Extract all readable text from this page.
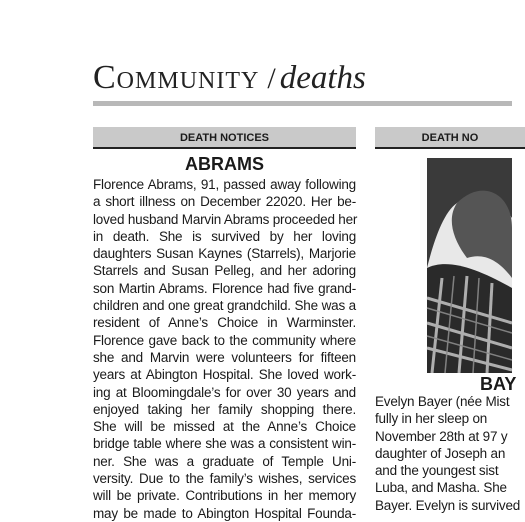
Community / deaths
DEATH NOTICES
ABRAMS
Florence Abrams, 91, passed away following
a short illness on December 22020. Her be-
loved husband Marvin Abrams proceeded her
in death. She is survived by her loving
daughters Susan Kaynes (Starrels), Marjorie
Starrels and Susan Pelleg, and her adoring
son Martin Abrams. Florence had five grand-
children and one great grandchild. She was a
resident of Anne’s Choice in Warminster.
Florence gave back to the community where
she and Marvin were volunteers for fifteen
years at Abington Hospital. She loved work-
ing at Bloomingdale’s for over 30 years and
enjoyed taking her family shopping there.
She will be missed at the Anne’s Choice
bridge table where she was a consistent win-
ner. She was a graduate of Temple Uni-
versity. Due to the family’s wishes, services
will be private. Contributions in her memory
may be made to Abington Hospital Founda-
DEATH NO
BAY
Evelyn Bayer (née Mist
fully in her sleep on
November 28th at 97 y
daughter of Joseph an
and the youngest sist
Luba, and Masha. She
Bayer. Evelyn is survived
